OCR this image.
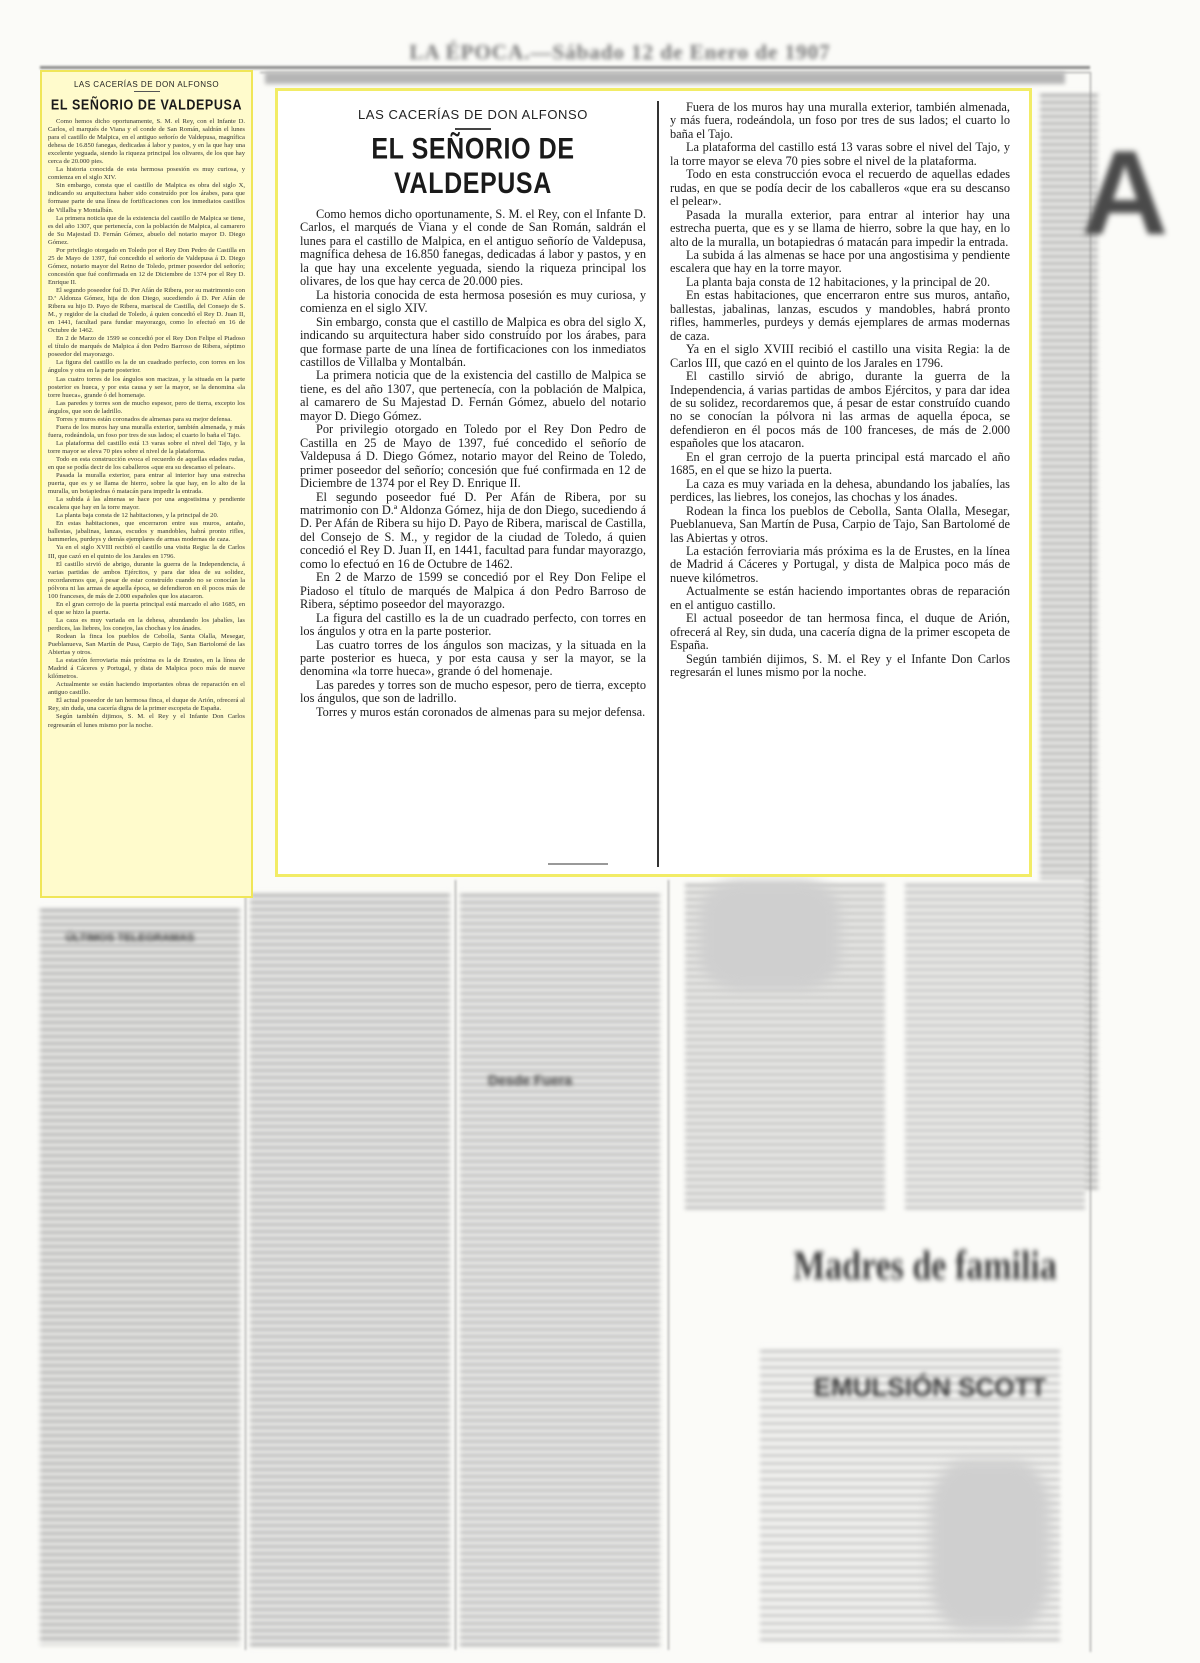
LA ÉPOCA.—Sábado 12 de Enero de 1907
ÚLTIMOS TELEGRAMAS
Desde Fuera
Madres de familia
EMULSIÓN SCOTT
A
LAS CACERÍAS DE DON ALFONSO
EL SEÑORIO DE VALDEPUSA

Como hemos dicho oportunamente, S. M. el Rey, con el Infante D. Carlos, el marqués de Viana y el conde de San Román, saldrán el lunes para el castillo de Malpica, en el antiguo señorío de Valdepusa, magnífica dehesa de 16.850 fanegas, dedicadas á labor y pastos, y en la que hay una excelente yeguada, siendo la riqueza principal los olivares, de los que hay cerca de 20.000 pies.

La historia conocida de esta hermosa posesión es muy curiosa, y comienza en el siglo XIV.

Sin embargo, consta que el castillo de Malpica es obra del siglo X, indicando su arquitectura haber sido construído por los árabes, para que formase parte de una línea de fortificaciones con los inmediatos castillos de Villalba y Montalbán.

La primera noticia que de la existencia del castillo de Malpica se tiene, es del año 1307, que pertenecía, con la población de Malpica, al camarero de Su Majestad D. Fernán Gómez, abuelo del notario mayor D. Diego Gómez.

Por privilegio otorgado en Toledo por el Rey Don Pedro de Castilla en 25 de Mayo de 1397, fué concedido el señorío de Valdepusa á D. Diego Gómez, notario mayor del Reino de Toledo, primer poseedor del señorío; concesión que fué confirmada en 12 de Diciembre de 1374 por el Rey D. Enrique II.

El segundo poseedor fué D. Per Afán de Ribera, por su matrimonio con D.ª Aldonza Gómez, hija de don Diego, sucediendo á D. Per Afán de Ribera su hijo D. Payo de Ribera, mariscal de Castilla, del Consejo de S. M., y regidor de la ciudad de Toledo, á quien concedió el Rey D. Juan II, en 1441, facultad para fundar mayorazgo, como lo efectuó en 16 de Octubre de 1462.

En 2 de Marzo de 1599 se concedió por el Rey Don Felipe el Piadoso el título de marqués de Malpica á don Pedro Barroso de Ribera, séptimo poseedor del mayorazgo.

La figura del castillo es la de un cuadrado perfecto, con torres en los ángulos y otra en la parte posterior.

Las cuatro torres de los ángulos son macizas, y la situada en la parte posterior es hueca, y por esta causa y ser la mayor, se la denomina «la torre hueca», grande ó del homenaje.

Las paredes y torres son de mucho espesor, pero de tierra, excepto los ángulos, que son de ladrillo.

Torres y muros están coronados de almenas para su mejor defensa.

Fuera de los muros hay una muralla exterior, también almenada, y más fuera, rodeándola, un foso por tres de sus lados; el cuarto lo baña el Tajo.

La plataforma del castillo está 13 varas sobre el nivel del Tajo, y la torre mayor se eleva 70 pies sobre el nivel de la plataforma.

Todo en esta construcción evoca el recuerdo de aquellas edades rudas, en que se podía decir de los caballeros «que era su descanso el pelear».

Pasada la muralla exterior, para entrar al interior hay una estrecha puerta, que es y se llama de hierro, sobre la que hay, en lo alto de la muralla, un botapiedras ó matacán para impedir la entrada.

La subida á las almenas se hace por una angostisima y pendiente escalera que hay en la torre mayor.

La planta baja consta de 12 habitaciones, y la principal de 20.

En estas habitaciones, que encerraron entre sus muros, antaño, ballestas, jabalinas, lanzas, escudos y mandobles, habrá pronto rifles, hammerles, purdeys y demás ejemplares de armas modernas de caza.

Ya en el siglo XVIII recibió el castillo una visita Regia: la de Carlos III, que cazó en el quinto de los Jarales en 1796.

El castillo sirvió de abrigo, durante la guerra de la Independencia, á varias partidas de ambos Ejércitos, y para dar idea de su solidez, recordaremos que, á pesar de estar construído cuando no se conocían la pólvora ni las armas de aquella época, se defendieron en él pocos más de 100 franceses, de más de 2.000 españoles que los atacaron.

En el gran cerrojo de la puerta principal está marcado el año 1685, en el que se hizo la puerta.

La caza es muy variada en la dehesa, abundando los jabalíes, las perdices, las liebres, los conejos, las chochas y los ánades.

Rodean la finca los pueblos de Cebolla, Santa Olalla, Mesegar, Pueblanueva, San Martín de Pusa, Carpio de Tajo, San Bartolomé de las Abiertas y otros.

La estación ferroviaria más próxima es la de Erustes, en la línea de Madrid á Cáceres y Portugal, y dista de Malpica poco más de nueve kilómetros.

Actualmente se están haciendo importantes obras de reparación en el antiguo castillo.

El actual poseedor de tan hermosa finca, el duque de Arión, ofrecerá al Rey, sin duda, una cacería digna de la primer escopeta de España.

Según también dijimos, S. M. el Rey y el Infante Don Carlos regresarán el lunes mismo por la noche.

LAS CACERÍAS DE DON ALFONSO
EL SEÑORIO DE VALDEPUSA

Como hemos dicho oportunamente, S. M. el Rey, con el Infante D. Carlos, el marqués de Viana y el conde de San Román, saldrán el lunes para el castillo de Malpica, en el antiguo señorío de Valdepusa, magnífica dehesa de 16.850 fanegas, dedicadas á labor y pastos, y en la que hay una excelente yeguada, siendo la riqueza principal los olivares, de los que hay cerca de 20.000 pies.

La historia conocida de esta hermosa posesión es muy curiosa, y comienza en el siglo XIV.

Sin embargo, consta que el castillo de Malpica es obra del siglo X, indicando su arquitectura haber sido construído por los árabes, para que formase parte de una línea de fortificaciones con los inmediatos castillos de Villalba y Montalbán.

La primera noticia que de la existencia del castillo de Malpica se tiene, es del año 1307, que pertenecía, con la población de Malpica, al camarero de Su Majestad D. Fernán Gómez, abuelo del notario mayor D. Diego Gómez.

Por privilegio otorgado en Toledo por el Rey Don Pedro de Castilla en 25 de Mayo de 1397, fué concedido el señorío de Valdepusa á D. Diego Gómez, notario mayor del Reino de Toledo, primer poseedor del señorío; concesión que fué confirmada en 12 de Diciembre de 1374 por el Rey D. Enrique II.

El segundo poseedor fué D. Per Afán de Ribera, por su matrimonio con D.ª Aldonza Gómez, hija de don Diego, sucediendo á D. Per Afán de Ribera su hijo D. Payo de Ribera, mariscal de Castilla, del Consejo de S. M., y regidor de la ciudad de Toledo, á quien concedió el Rey D. Juan II, en 1441, facultad para fundar mayorazgo, como lo efectuó en 16 de Octubre de 1462.

En 2 de Marzo de 1599 se concedió por el Rey Don Felipe el Piadoso el título de marqués de Malpica á don Pedro Barroso de Ribera, séptimo poseedor del mayorazgo.

La figura del castillo es la de un cuadrado perfecto, con torres en los ángulos y otra en la parte posterior.

Las cuatro torres de los ángulos son macizas, y la situada en la parte posterior es hueca, y por esta causa y ser la mayor, se la denomina «la torre hueca», grande ó del homenaje.

Las paredes y torres son de mucho espesor, pero de tierra, excepto los ángulos, que son de ladrillo.

Torres y muros están coronados de almenas para su mejor defensa.

Fuera de los muros hay una muralla exterior, también almenada, y más fuera, rodeándola, un foso por tres de sus lados; el cuarto lo baña el Tajo.

La plataforma del castillo está 13 varas sobre el nivel del Tajo, y la torre mayor se eleva 70 pies sobre el nivel de la plataforma.

Todo en esta construcción evoca el recuerdo de aquellas edades rudas, en que se podía decir de los caballeros «que era su descanso el pelear».

Pasada la muralla exterior, para entrar al interior hay una estrecha puerta, que es y se llama de hierro, sobre la que hay, en lo alto de la muralla, un botapiedras ó matacán para impedir la entrada.

La subida á las almenas se hace por una angostisima y pendiente escalera que hay en la torre mayor.

La planta baja consta de 12 habitaciones, y la principal de 20.

En estas habitaciones, que encerraron entre sus muros, antaño, ballestas, jabalinas, lanzas, escudos y mandobles, habrá pronto rifles, hammerles, purdeys y demás ejemplares de armas modernas de caza.

Ya en el siglo XVIII recibió el castillo una visita Regia: la de Carlos III, que cazó en el quinto de los Jarales en 1796.

El castillo sirvió de abrigo, durante la guerra de la Independencia, á varias partidas de ambos Ejércitos, y para dar idea de su solidez, recordaremos que, á pesar de estar construído cuando no se conocían la pólvora ni las armas de aquella época, se defendieron en él pocos más de 100 franceses, de más de 2.000 españoles que los atacaron.

En el gran cerrojo de la puerta principal está marcado el año 1685, en el que se hizo la puerta.

La caza es muy variada en la dehesa, abundando los jabalíes, las perdices, las liebres, los conejos, las chochas y los ánades.

Rodean la finca los pueblos de Cebolla, Santa Olalla, Mesegar, Pueblanueva, San Martín de Pusa, Carpio de Tajo, San Bartolomé de las Abiertas y otros.

La estación ferroviaria más próxima es la de Erustes, en la línea de Madrid á Cáceres y Portugal, y dista de Malpica poco más de nueve kilómetros.

Actualmente se están haciendo importantes obras de reparación en el antiguo castillo.

El actual poseedor de tan hermosa finca, el duque de Arión, ofrecerá al Rey, sin duda, una cacería digna de la primer escopeta de España.

Según también dijimos, S. M. el Rey y el Infante Don Carlos regresarán el lunes mismo por la noche.
